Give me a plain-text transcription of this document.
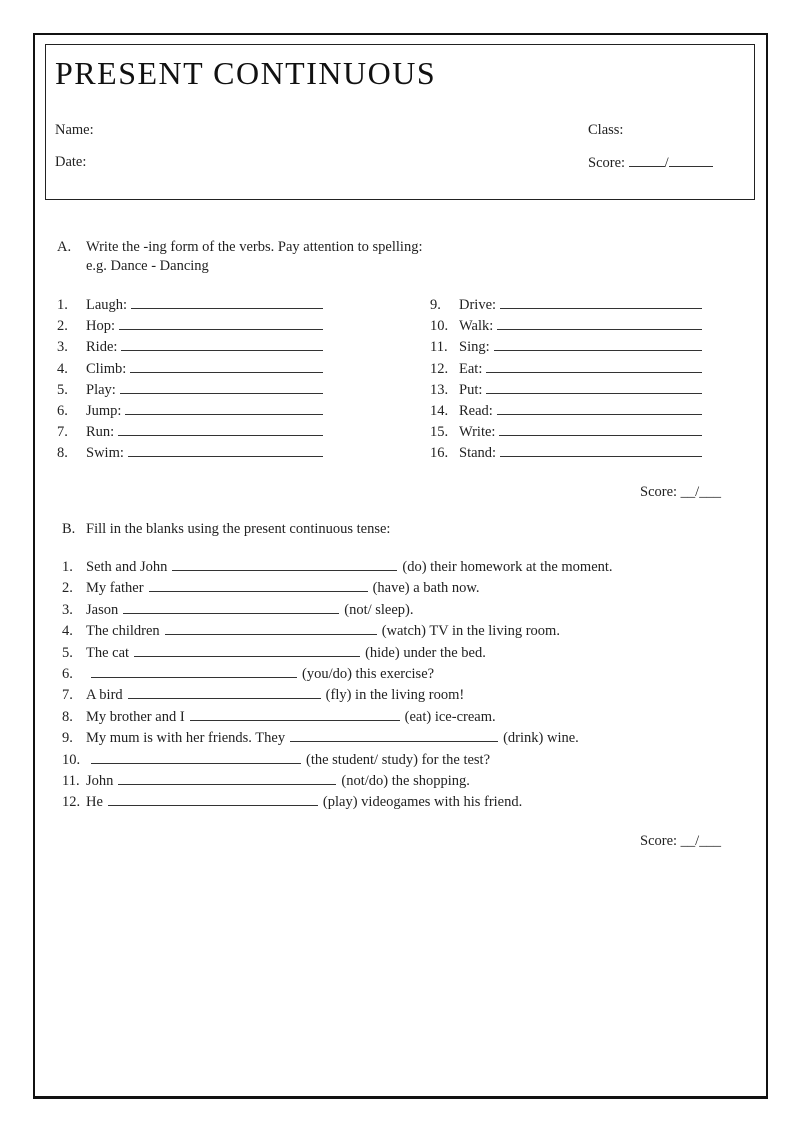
PRESENT CONTINUOUS
Name:	Class:
Date:	Score:	/
A. Write the -ing form of the verbs. Pay attention to spelling:
e.g. Dance - Dancing
1.	Laugh:
2.	Hop:
3.	Ride:
4.	Climb:
5.	Play:
6.	Jump:
7.	Run:
8.	Swim:
9.	Drive:
10. Walk:
11. Sing:
12. Eat:
13. Put:
14. Read:
15. Write:
16. Stand:
Score: __/___
B. Fill in the blanks using the present continuous tense:
1. Seth and John	(do) their homework at the moment.
2. My father	(have) a bath now.
3. Jason	(not/ sleep).
4. The children	(watch) TV in the living room.
5. The cat	(hide) under the bed.
6.	(you/do) this exercise?
7. A bird	(fly) in the living room!
8. My brother and I	(eat) ice-cream.
9. My mum is with her friends. They	(drink) wine.
10.	(the student/ study) for the test?
11. John	(not/do) the shopping.
12. He	(play) videogames with his friend.
Score: __/___
